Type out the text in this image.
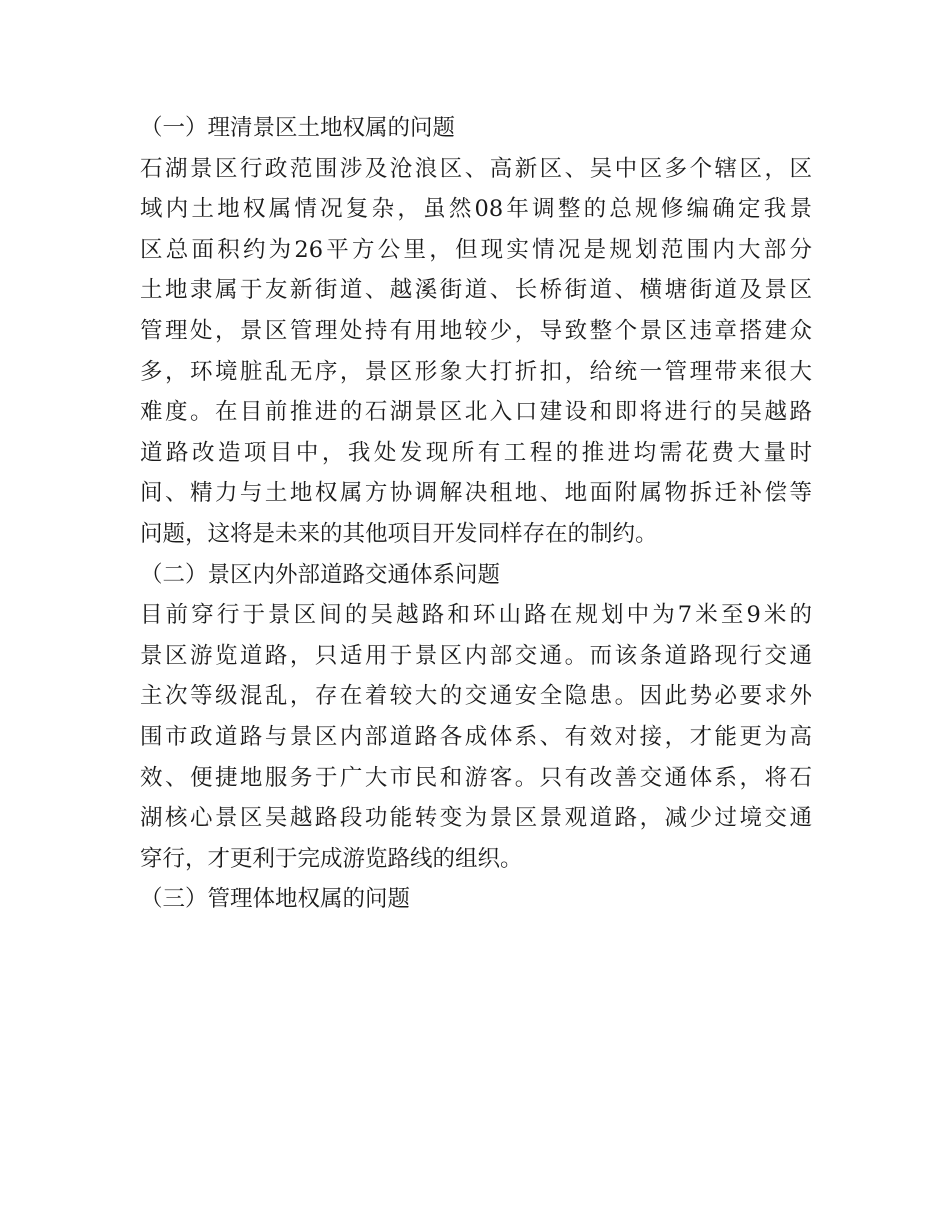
（一）理清景区土地权属的问题
石湖景区行政范围涉及沧浪区、高新区、吴中区多个辖区，区
域内土地权属情况复杂，虽然08年调整的总规修编确定我景
区总面积约为26平方公里，但现实情况是规划范围内大部分
土地隶属于友新街道、越溪街道、长桥街道、横塘街道及景区
管理处，景区管理处持有用地较少，导致整个景区违章搭建众
多，环境脏乱无序，景区形象大打折扣，给统一管理带来很大
难度。在目前推进的石湖景区北入口建设和即将进行的吴越路
道路改造项目中，我处发现所有工程的推进均需花费大量时
间、精力与土地权属方协调解决租地、地面附属物拆迁补偿等
问题，这将是未来的其他项目开发同样存在的制约。
（二）景区内外部道路交通体系问题
目前穿行于景区间的吴越路和环山路在规划中为7米至9米的
景区游览道路，只适用于景区内部交通。而该条道路现行交通
主次等级混乱，存在着较大的交通安全隐患。因此势必要求外
围市政道路与景区内部道路各成体系、有效对接，才能更为高
效、便捷地服务于广大市民和游客。只有改善交通体系，将石
湖核心景区吴越路段功能转变为景区景观道路，减少过境交通
穿行，才更利于完成游览路线的组织。
（三）管理体地权属的问题
